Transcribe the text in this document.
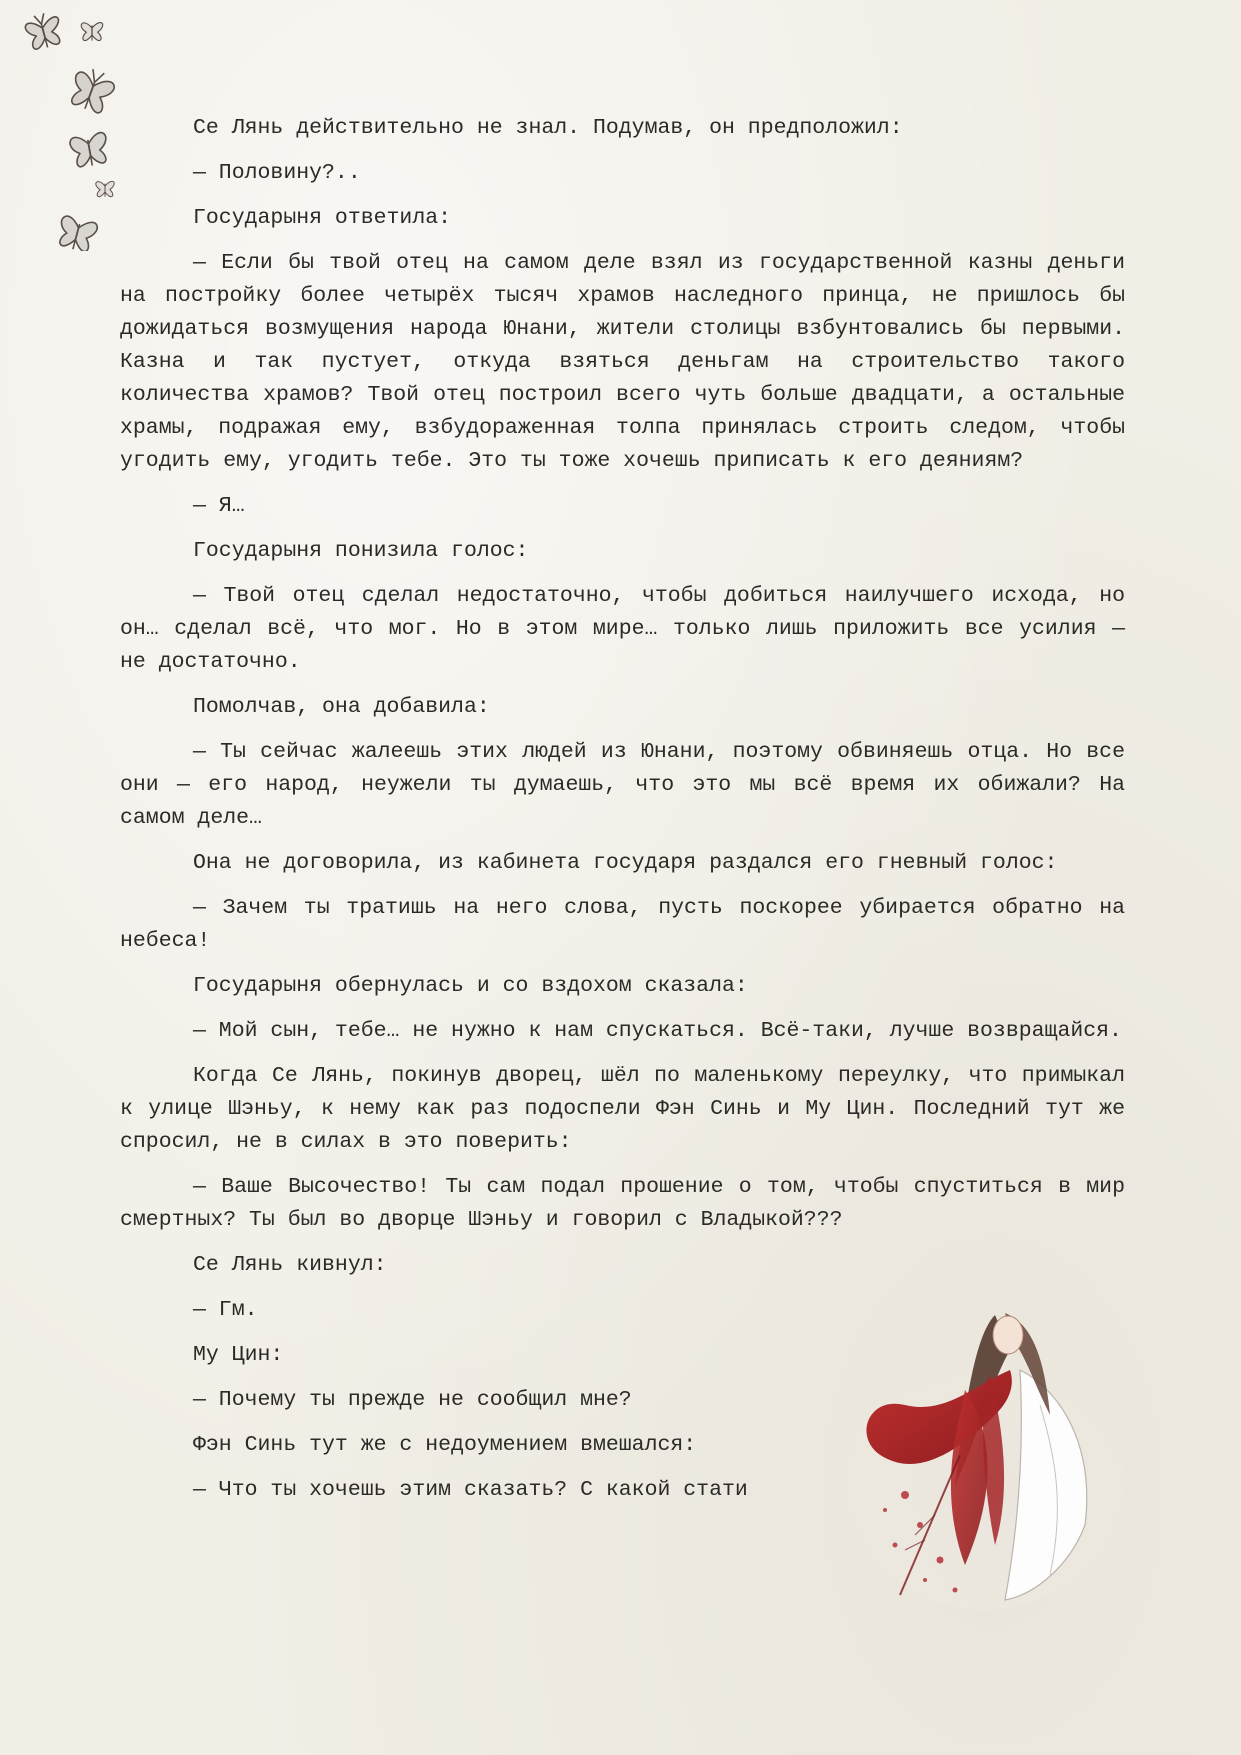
Се Лянь действительно не знал. Подумав, он предположил:

— Половину?..

Государыня ответила:

— Если бы твой отец на самом деле взял из государственной казны деньги на постройку более четырёх тысяч храмов наследного принца, не пришлось бы дожидаться возмущения народа Юнани, жители столицы взбунтовались бы первыми. Казна и так пустует, откуда взяться деньгам на строительство такого количества храмов? Твой отец построил всего чуть больше двадцати, а остальные храмы, подражая ему, взбудораженная толпа принялась строить следом, чтобы угодить ему, угодить тебе. Это ты тоже хочешь приписать к его деяниям?

— Я…

Государыня понизила голос:

— Твой отец сделал недостаточно, чтобы добиться наилучшего исхода, но он… сделал всё, что мог. Но в этом мире… только лишь приложить все усилия — не достаточно.

Помолчав, она добавила:

— Ты сейчас жалеешь этих людей из Юнани, поэтому обвиняешь отца. Но все они — его народ, неужели ты думаешь, что это мы всё время их обижали? На самом деле…

Она не договорила, из кабинета государя раздался его гневный голос:

— Зачем ты тратишь на него слова, пусть поскорее убирается обратно на небеса!

Государыня обернулась и со вздохом сказала:

— Мой сын, тебе… не нужно к нам спускаться. Всё-таки, лучше возвращайся.

Когда Се Лянь, покинув дворец, шёл по маленькому переулку, что примыкал к улице Шэньу, к нему как раз подоспели Фэн Синь и Му Цин. Последний тут же спросил, не в силах в это поверить:

— Ваше Высочество! Ты сам подал прошение о том, чтобы спуститься в мир смертных? Ты был во дворце Шэньу и говорил с Владыкой???

Се Лянь кивнул:

— Гм.

Му Цин:

— Почему ты прежде не сообщил мне?

Фэн Синь тут же с недоумением вмешался:

— Что ты хочешь этим сказать? С какой стати
